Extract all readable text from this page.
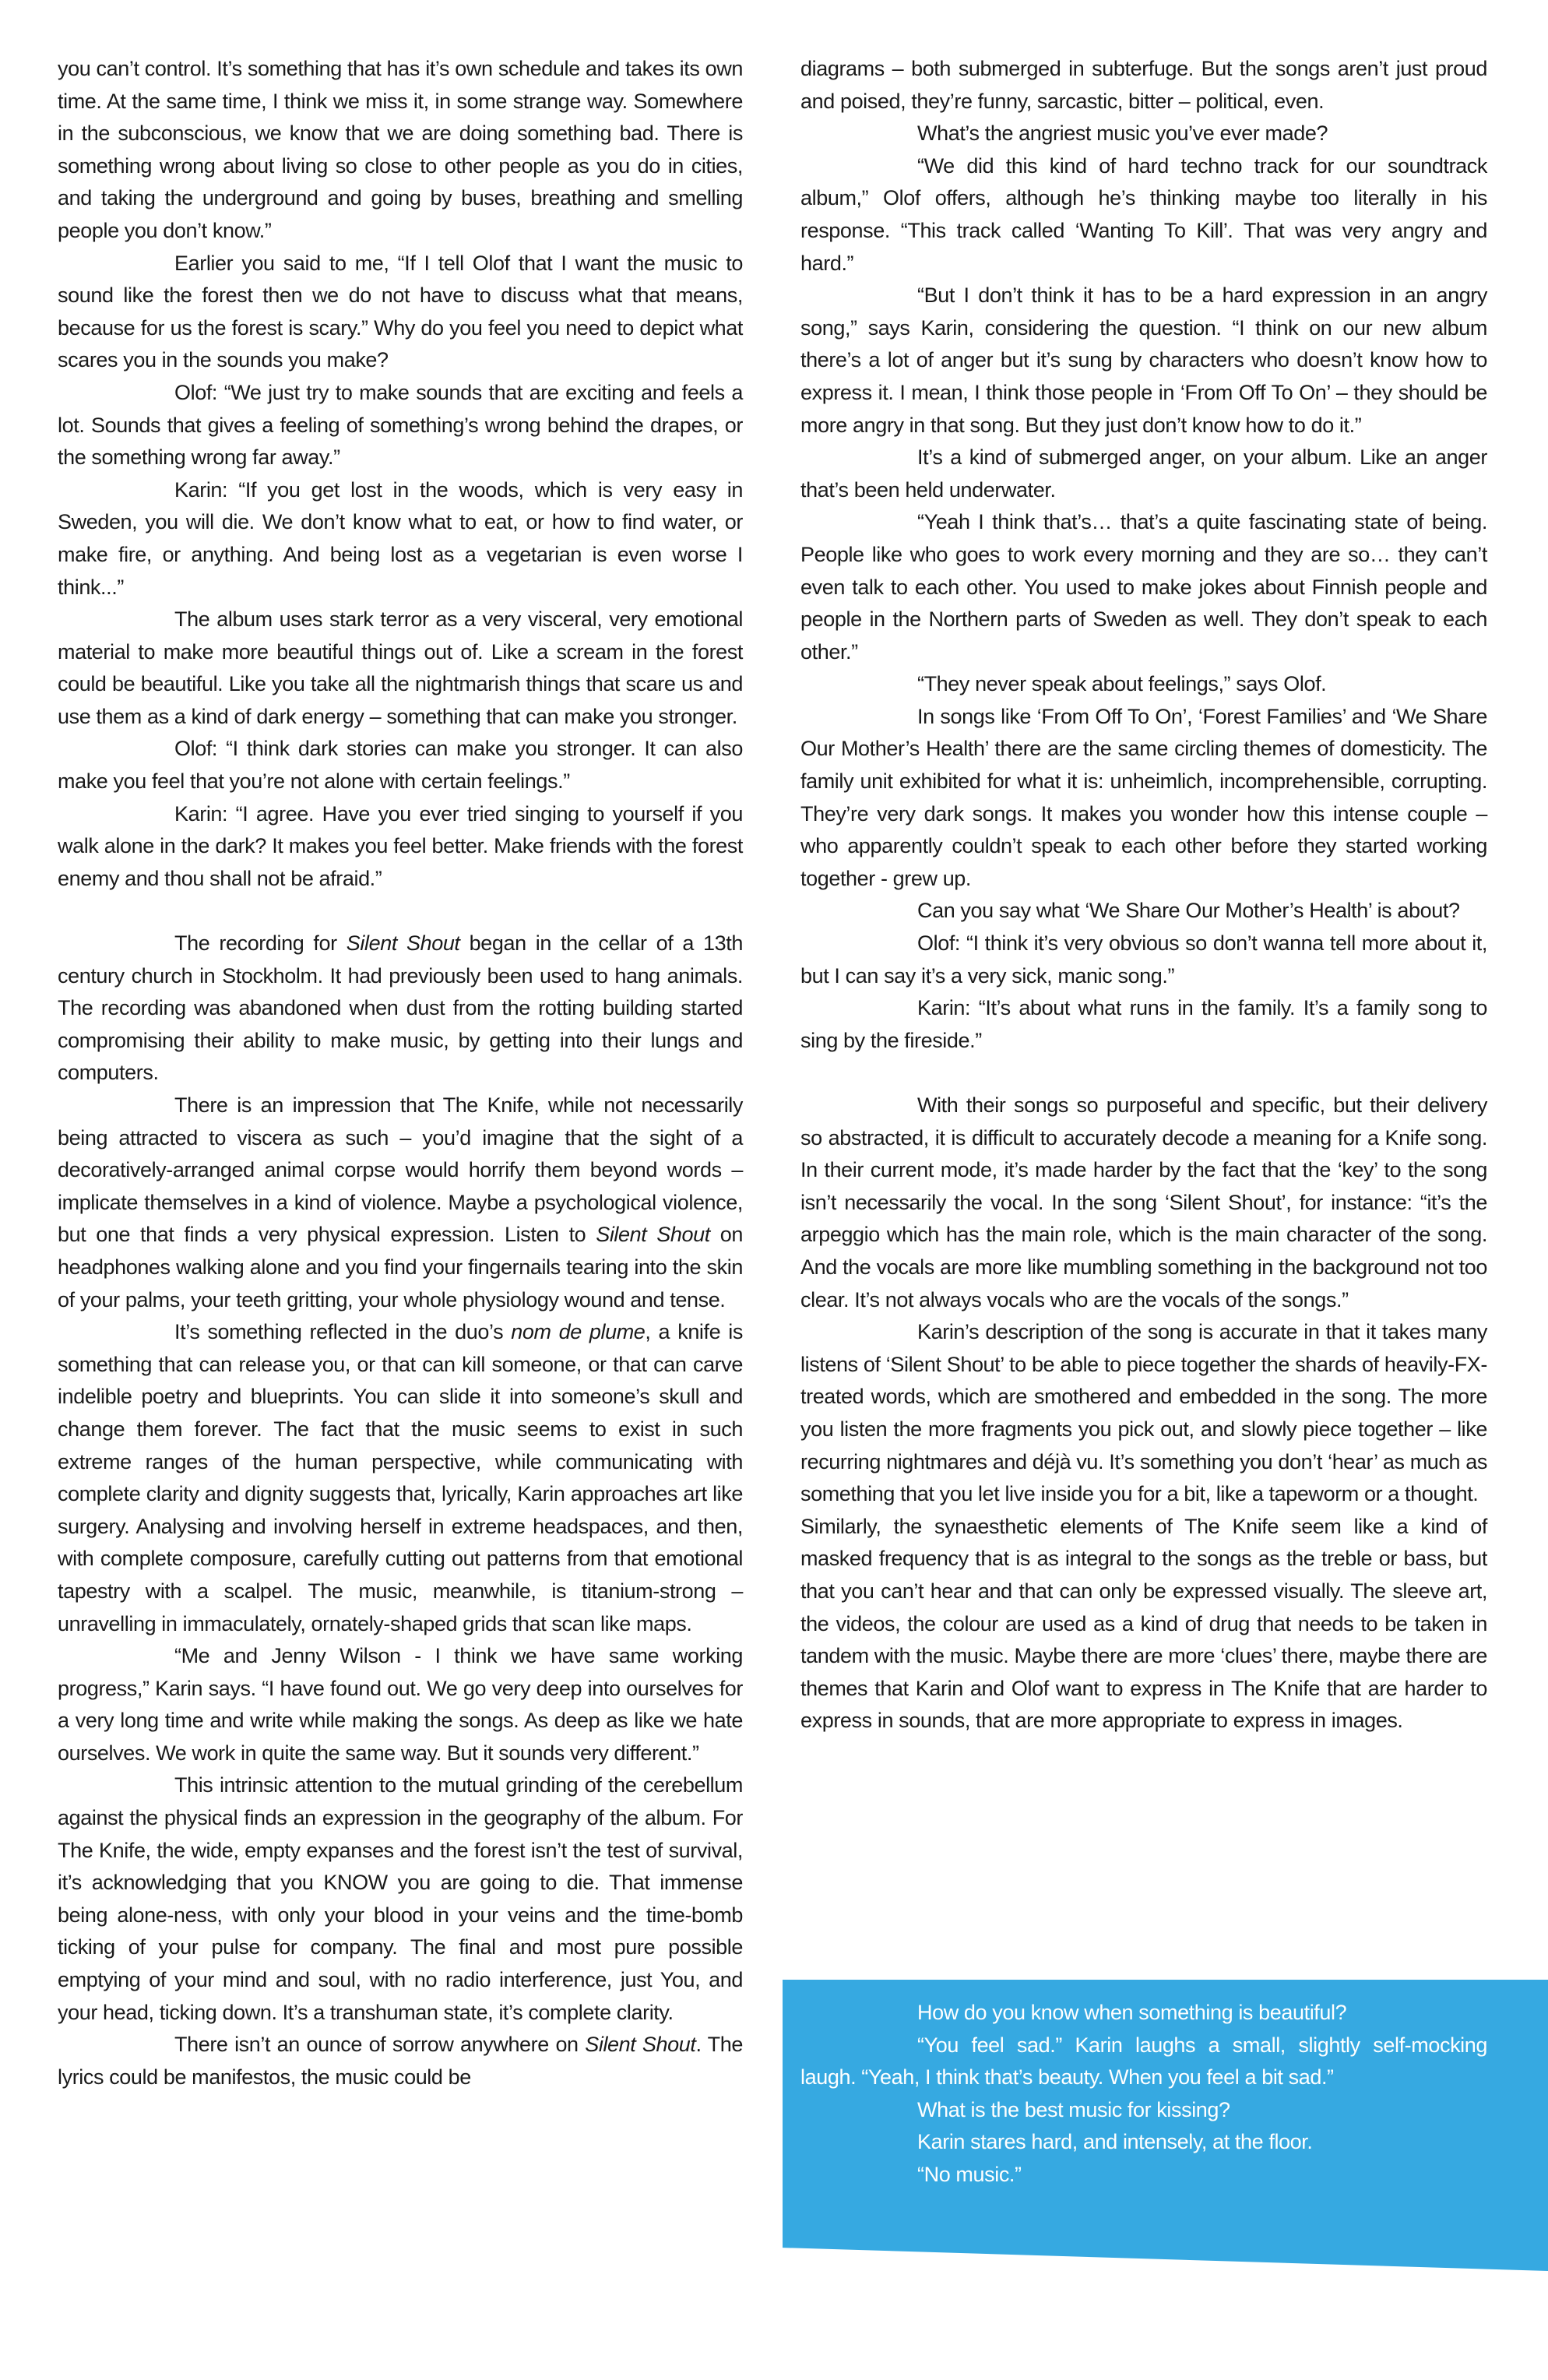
you can’t control. It’s something that has it’s own schedule and takes its own time. At the same time, I think we miss it, in some strange way. Somewhere in the subconscious, we know that we are doing something bad. There is something wrong about living so close to other people as you do in cities, and taking the underground and going by buses, breathing and smelling people you don’t know.”

Earlier you said to me, “If I tell Olof that I want the music to sound like the forest then we do not have to discuss what that means, because for us the forest is scary.” Why do you feel you need to depict what scares you in the sounds you make?

Olof: “We just try to make sounds that are exciting and feels a lot. Sounds that gives a feeling of something’s wrong behind the drapes, or the something wrong far away.”

Karin: “If you get lost in the woods, which is very easy in Sweden, you will die. We don’t know what to eat, or how to find water, or make fire, or anything. And being lost as a vegetarian is even worse I think...”

The album uses stark terror as a very visceral, very emotional material to make more beautiful things out of. Like a scream in the forest could be beautiful. Like you take all the nightmarish things that scare us and use them as a kind of dark energy – something that can make you stronger.

Olof: “I think dark stories can make you stronger. It can also make you feel that you’re not alone with certain feelings.”

Karin: “I agree. Have you ever tried singing to yourself if you walk alone in the dark? It makes you feel better. Make friends with the forest enemy and thou shall not be afraid.”

The recording for Silent Shout began in the cellar of a 13th century church in Stockholm. It had previously been used to hang animals. The recording was abandoned when dust from the rotting building started compromising their ability to make music, by getting into their lungs and computers.

There is an impression that The Knife, while not necessarily being attracted to viscera as such – you’d imagine that the sight of a decoratively-arranged animal corpse would horrify them beyond words – implicate themselves in a kind of violence. Maybe a psychological violence, but one that finds a very physical expression. Listen to Silent Shout on headphones walking alone and you find your fingernails tearing into the skin of your palms, your teeth gritting, your whole physiology wound and tense.

It’s something reflected in the duo’s nom de plume, a knife is something that can release you, or that can kill someone, or that can carve indelible poetry and blueprints. You can slide it into someone’s skull and change them forever. The fact that the music seems to exist in such extreme ranges of the human perspective, while communicating with complete clarity and dignity suggests that, lyrically, Karin approaches art like surgery. Analysing and involving herself in extreme headspaces, and then, with complete composure, carefully cutting out patterns from that emotional tapestry with a scalpel. The music, meanwhile, is titanium-strong – unravelling in immaculately, ornately-shaped grids that scan like maps.

“Me and Jenny Wilson - I think we have same working progress,” Karin says. “I have found out. We go very deep into ourselves for a very long time and write while making the songs. As deep as like we hate ourselves. We work in quite the same way. But it sounds very different.”

This intrinsic attention to the mutual grinding of the cerebellum against the physical finds an expression in the geography of the album. For The Knife, the wide, empty expanses and the forest isn’t the test of survival, it’s acknowledging that you KNOW you are going to die. That immense being alone-ness, with only your blood in your veins and the time-bomb ticking of your pulse for company. The final and most pure possible emptying of your mind and soul, with no radio interference, just You, and your head, ticking down. It’s a transhuman state, it’s complete clarity.

There isn’t an ounce of sorrow anywhere on Silent Shout. The lyrics could be manifestos, the music could be

diagrams – both submerged in subterfuge. But the songs aren’t just proud and poised, they’re funny, sarcastic, bitter – political, even.

What’s the angriest music you’ve ever made?

“We did this kind of hard techno track for our soundtrack album,” Olof offers, although he’s thinking maybe too literally in his response. “This track called ‘Wanting To Kill’. That was very angry and hard.”

“But I don’t think it has to be a hard expression in an angry song,” says Karin, considering the question. “I think on our new album there’s a lot of anger but it’s sung by characters who doesn’t know how to express it. I mean, I think those people in ‘From Off To On’ – they should be more angry in that song. But they just don’t know how to do it.”

It’s a kind of submerged anger, on your album. Like an anger that’s been held underwater.

“Yeah I think that’s… that’s a quite fascinating state of being. People like who goes to work every morning and they are so… they can’t even talk to each other. You used to make jokes about Finnish people and people in the Northern parts of Sweden as well. They don’t speak to each other.”

“They never speak about feelings,” says Olof.

In songs like ‘From Off To On’, ‘Forest Families’ and ‘We Share Our Mother’s Health’ there are the same circling themes of domesticity. The family unit exhibited for what it is: unheimlich, incomprehensible, corrupting. They’re very dark songs. It makes you wonder how this intense couple – who apparently couldn’t speak to each other before they started working together - grew up.

Can you say what ‘We Share Our Mother’s Health’ is about?

Olof: “I think it’s very obvious so don’t wanna tell more about it, but I can say it’s a very sick, manic song.”

Karin: “It’s about what runs in the family. It’s a family song to sing by the fireside.”

With their songs so purposeful and specific, but their delivery so abstracted, it is difficult to accurately decode a meaning for a Knife song. In their current mode, it’s made harder by the fact that the ‘key’ to the song isn’t necessarily the vocal. In the song ‘Silent Shout’, for instance: “it’s the arpeggio which has the main role, which is the main character of the song. And the vocals are more like mumbling something in the background not too clear. It’s not always vocals who are the vocals of the songs.”

Karin’s description of the song is accurate in that it takes many listens of ‘Silent Shout’ to be able to piece together the shards of heavily-FX-treated words, which are smothered and embedded in the song. The more you listen the more fragments you pick out, and slowly piece together – like recurring nightmares and déjà vu. It’s something you don’t ‘hear’ as much as something that you let live inside you for a bit, like a tapeworm or a thought.

Similarly, the synaesthetic elements of The Knife seem like a kind of masked frequency that is as integral to the songs as the treble or bass, but that you can’t hear and that can only be expressed visually. The sleeve art, the videos, the colour are used as a kind of drug that needs to be taken in tandem with the music. Maybe there are more ‘clues’ there, maybe there are themes that Karin and Olof want to express in The Knife that are harder to express in sounds, that are more appropriate to express in images.

How do you know when something is beautiful?

“You feel sad.” Karin laughs a small, slightly self-mocking laugh. “Yeah, I think that’s beauty. When you feel a bit sad.”

What is the best music for kissing?

Karin stares hard, and intensely, at the floor.

“No music.”
